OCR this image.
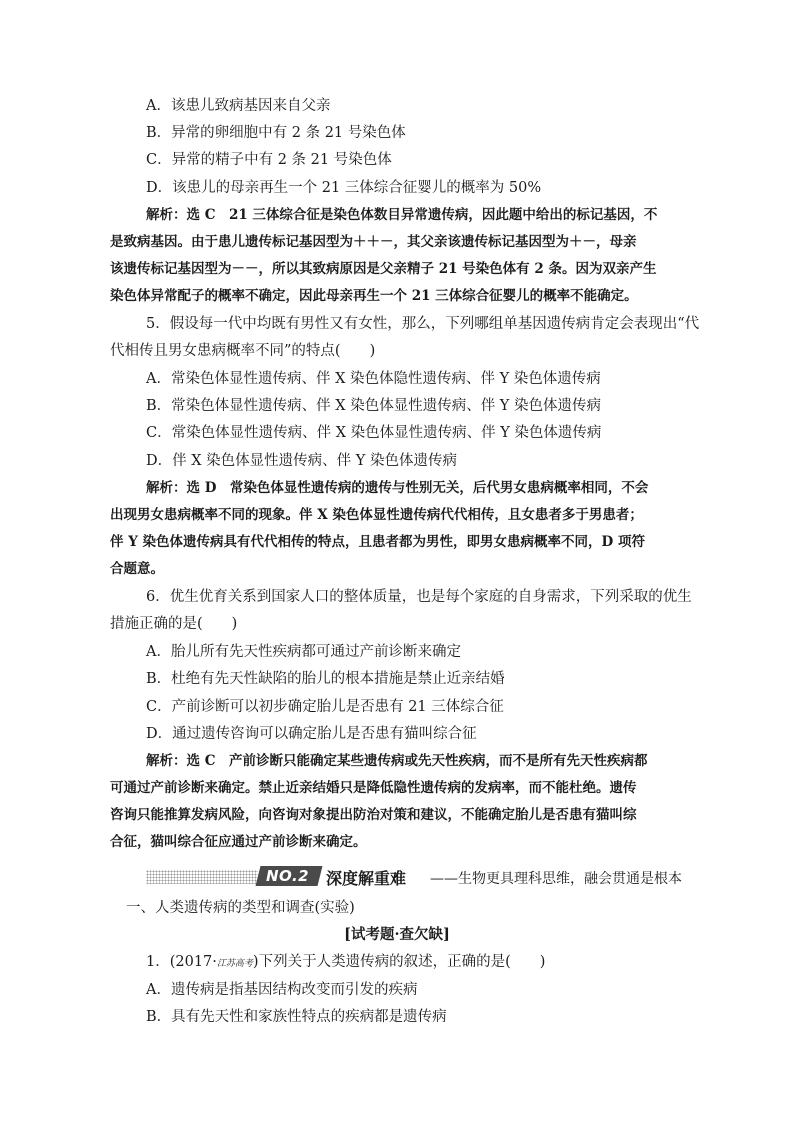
A．该患儿致病基因来自父亲
B．异常的卵细胞中有 2 条 21 号染色体
C．异常的精子中有 2 条 21 号染色体
D．该患儿的母亲再生一个 21 三体综合征婴儿的概率为 50%
解析：选 C　21 三体综合征是染色体数目异常遗传病，因此题中给出的标记基因，不
是致病基因。由于患儿遗传标记基因型为＋＋－，其父亲该遗传标记基因型为＋－，母亲
该遗传标记基因型为－－，所以其致病原因是父亲精子 21 号染色体有 2 条。因为双亲产生
染色体异常配子的概率不确定，因此母亲再生一个 21 三体综合征婴儿的概率不能确定。
5．假设每一代中均既有男性又有女性，那么，下列哪组单基因遗传病肯定会表现出“代
代相传且男女患病概率不同”的特点(　　)
A．常染色体显性遗传病、伴 X 染色体隐性遗传病、伴 Y 染色体遗传病
B．常染色体显性遗传病、伴 X 染色体显性遗传病、伴 Y 染色体遗传病
C．常染色体显性遗传病、伴 X 染色体显性遗传病、伴 Y 染色体遗传病
D．伴 X 染色体显性遗传病、伴 Y 染色体遗传病
解析：选 D　常染色体显性遗传病的遗传与性别无关，后代男女患病概率相同，不会
出现男女患病概率不同的现象。伴 X 染色体显性遗传病代代相传，且女患者多于男患者；
伴 Y 染色体遗传病具有代代相传的特点，且患者都为男性，即男女患病概率不同，D 项符
合题意。
6．优生优育关系到国家人口的整体质量，也是每个家庭的自身需求，下列采取的优生
措施正确的是(　　)
A．胎儿所有先天性疾病都可通过产前诊断来确定
B．杜绝有先天性缺陷的胎儿的根本措施是禁止近亲结婚
C．产前诊断可以初步确定胎儿是否患有 21 三体综合征
D．通过遗传咨询可以确定胎儿是否患有猫叫综合征
解析：选 C　产前诊断只能确定某些遗传病或先天性疾病，而不是所有先天性疾病都
可通过产前诊断来确定。禁止近亲结婚只是降低隐性遗传病的发病率，而不能杜绝。遗传
咨询只能推算发病风险，向咨询对象提出防治对策和建议，不能确定胎儿是否患有猫叫综
合征，猫叫综合征应通过产前诊断来确定。
NO.2 深度解重难 ——生物更具理科思维，融会贯通是根本
一、人类遗传病的类型和调查(实验)
[试考题·查欠缺]
1．(2017·江苏高考)下列关于人类遗传病的叙述，正确的是(　　)
A．遗传病是指基因结构改变而引发的疾病
B．具有先天性和家族性特点的疾病都是遗传病
